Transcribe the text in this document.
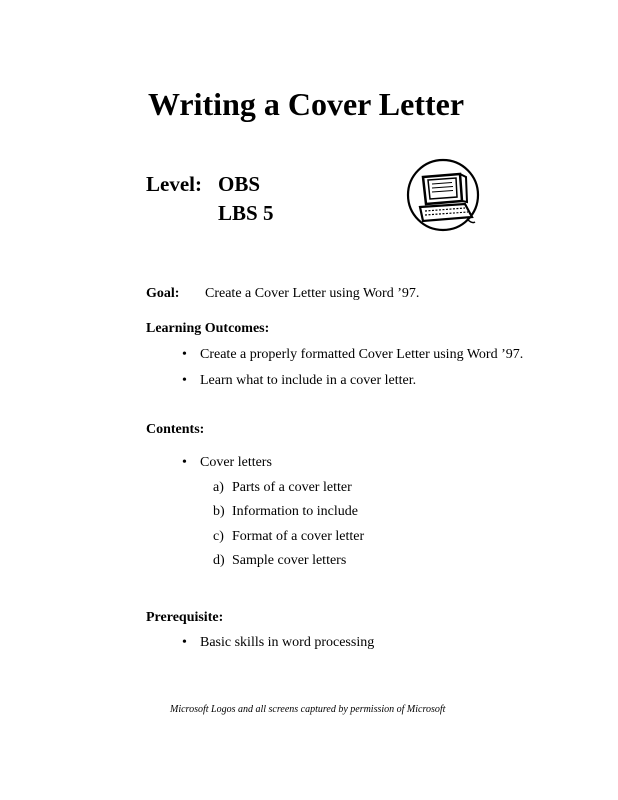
Writing a Cover Letter
Level: OBS
LBS 5
Goal: Create a Cover Letter using Word ’97.
Learning Outcomes:
• Create a properly formatted Cover Letter using Word ’97.
• Learn what to include in a cover letter.
Contents:
• Cover letters
a) Parts of a cover letter
b) Information to include
c) Format of a cover letter
d) Sample cover letters
Prerequisite:
• Basic skills in word processing
Microsoft Logos and all screens captured by permission of Microsoft
